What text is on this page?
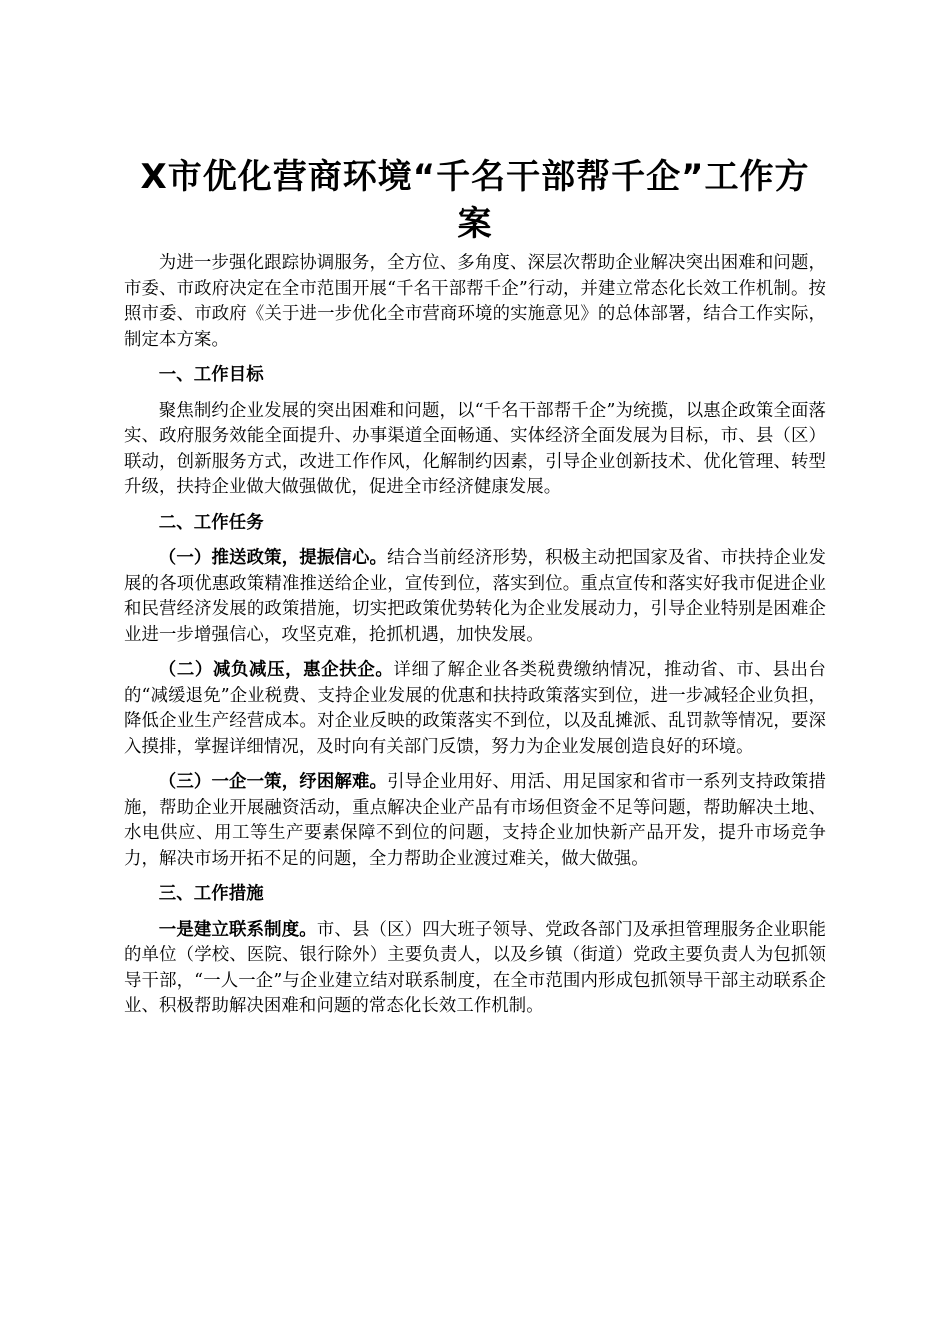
X市优化营商环境“千名干部帮千企”工作方案

为进一步强化跟踪协调服务，全方位、多角度、深层次帮助企业解决突出困难和问题，市委、市政府决定在全市范围开展“千名干部帮千企”行动，并建立常态化长效工作机制。按照市委、市政府《关于进一步优化全市营商环境的实施意见》的总体部署，结合工作实际，制定本方案。

一、工作目标

聚焦制约企业发展的突出困难和问题，以“千名干部帮千企”为统揽，以惠企政策全面落实、政府服务效能全面提升、办事渠道全面畅通、实体经济全面发展为目标，市、县（区）联动，创新服务方式，改进工作作风，化解制约因素，引导企业创新技术、优化管理、转型升级，扶持企业做大做强做优，促进全市经济健康发展。

二、工作任务

（一）推送政策，提振信心。结合当前经济形势，积极主动把国家及省、市扶持企业发展的各项优惠政策精准推送给企业，宣传到位，落实到位。重点宣传和落实好我市促进企业和民营经济发展的政策措施，切实把政策优势转化为企业发展动力，引导企业特别是困难企业进一步增强信心，攻坚克难，抢抓机遇，加快发展。

（二）减负减压，惠企扶企。详细了解企业各类税费缴纳情况，推动省、市、县出台的“减缓退免”企业税费、支持企业发展的优惠和扶持政策落实到位，进一步减轻企业负担，降低企业生产经营成本。对企业反映的政策落实不到位，以及乱摊派、乱罚款等情况，要深入摸排，掌握详细情况，及时向有关部门反馈，努力为企业发展创造良好的环境。

（三）一企一策，纾困解难。引导企业用好、用活、用足国家和省市一系列支持政策措施，帮助企业开展融资活动，重点解决企业产品有市场但资金不足等问题，帮助解决土地、水电供应、用工等生产要素保障不到位的问题，支持企业加快新产品开发，提升市场竞争力，解决市场开拓不足的问题，全力帮助企业渡过难关，做大做强。

三、工作措施

一是建立联系制度。市、县（区）四大班子领导、党政各部门及承担管理服务企业职能的单位（学校、医院、银行除外）主要负责人，以及乡镇（街道）党政主要负责人为包抓领导干部，“一人一企”与企业建立结对联系制度，在全市范围内形成包抓领导干部主动联系企业、积极帮助解决困难和问题的常态化长效工作机制。
